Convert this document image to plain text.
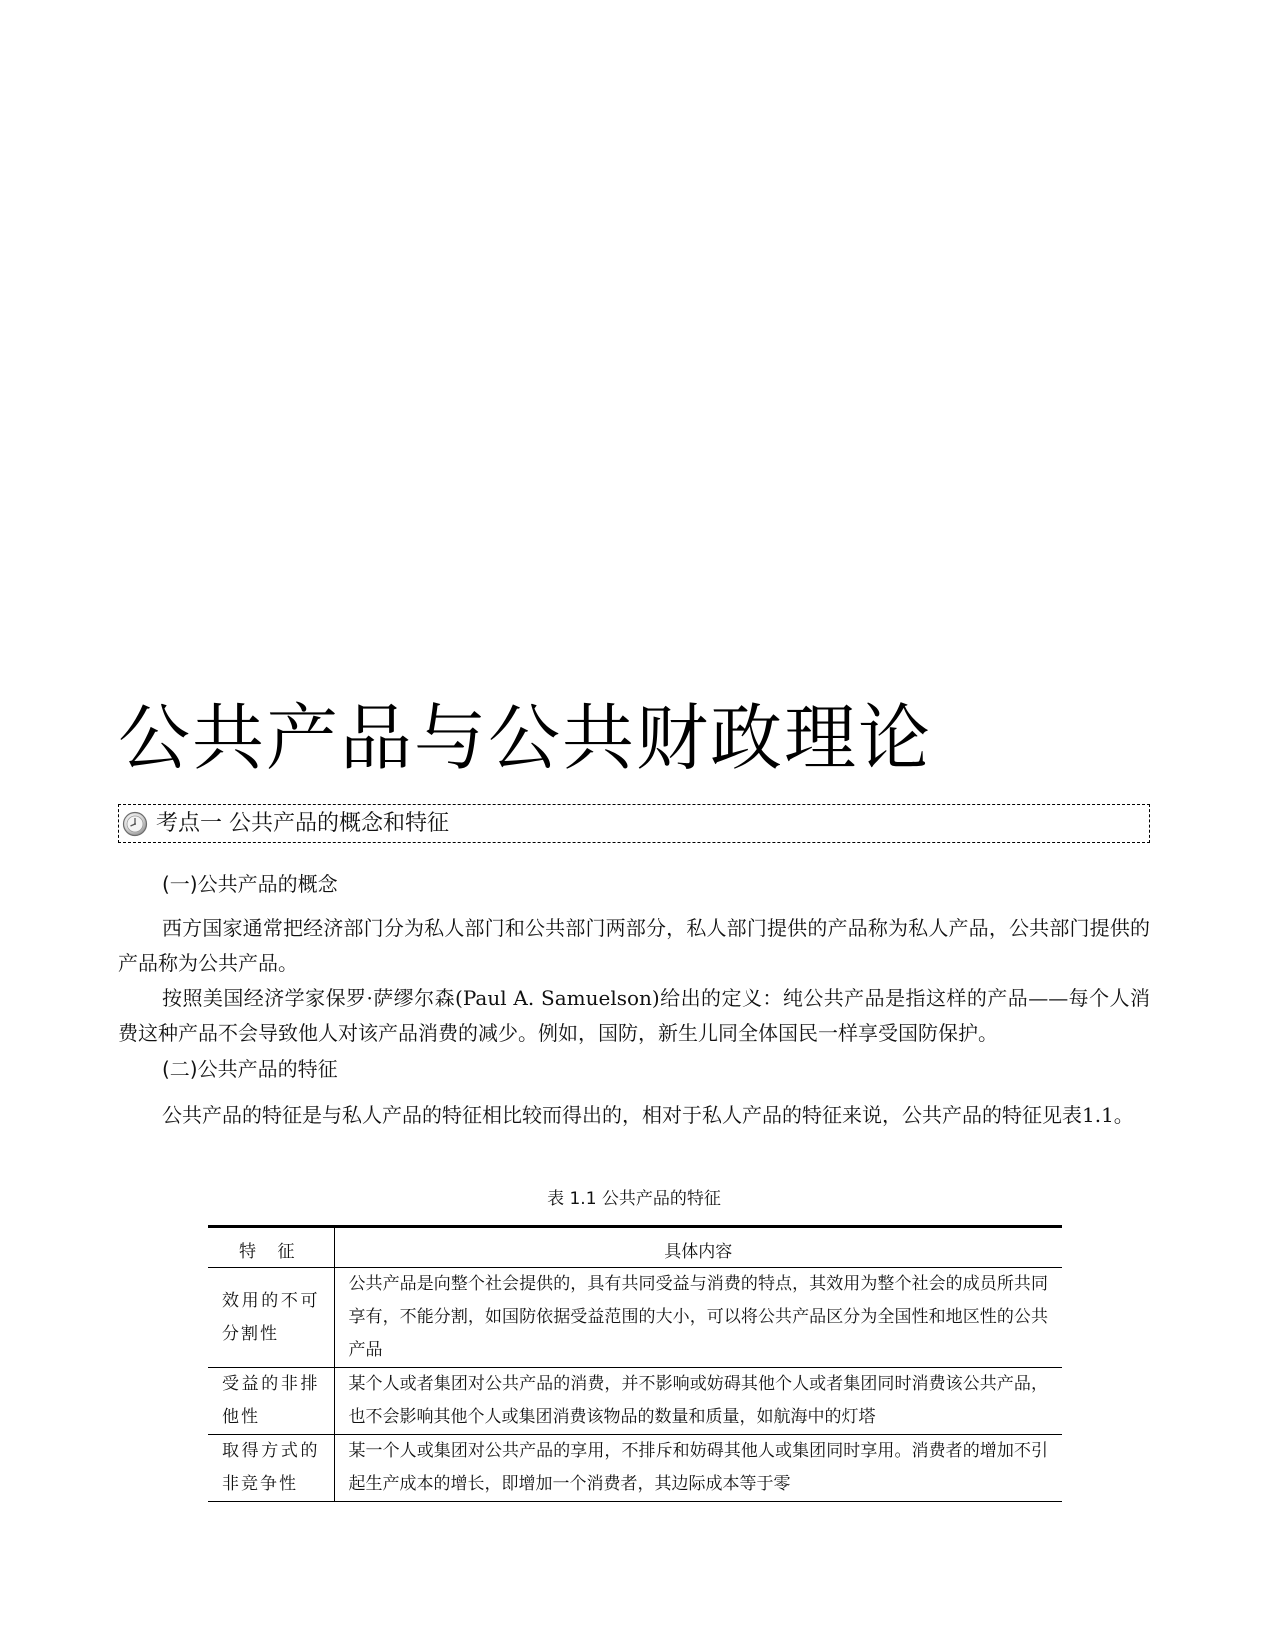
公共产品与公共财政理论
考点一 公共产品的概念和特征
(一)公共产品的概念

西方国家通常把经济部门分为私人部门和公共部门两部分，私人部门提供的产品称为私人产品，公共部门提供的产品称为公共产品。

按照美国经济学家保罗·萨缪尔森(Paul A. Samuelson)给出的定义：纯公共产品是指这样的产品——每个人消费这种产品不会导致他人对该产品消费的减少。例如，国防，新生儿同全体国民一样享受国防保护。

(二)公共产品的特征

公共产品的特征是与私人产品的特征相比较而得出的，相对于私人产品的特征来说，公共产品的特征见表1.1。

表 1.1 公共产品的特征
特 征	具体内容
效用的不可分割性	公共产品是向整个社会提供的，具有共同受益与消费的特点，其效用为整个社会的成员所共同享有，不能分割，如国防依据受益范围的大小，可以将公共产品区分为全国性和地区性的公共产品
受益的非排他性	某个人或者集团对公共产品的消费，并不影响或妨碍其他个人或者集团同时消费该公共产品，也不会影响其他个人或集团消费该物品的数量和质量，如航海中的灯塔
取得方式的非竞争性	某一个人或集团对公共产品的享用，不排斥和妨碍其他人或集团同时享用。消费者的增加不引起生产成本的增长，即增加一个消费者，其边际成本等于零
